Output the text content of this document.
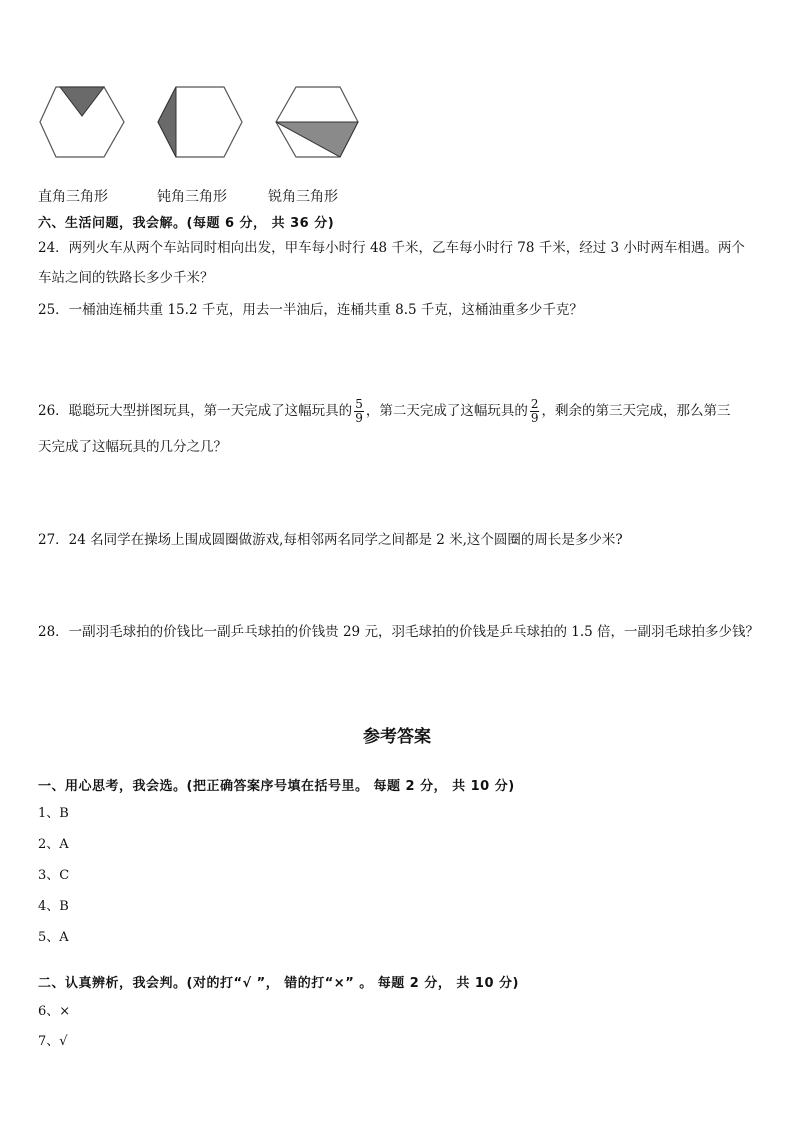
直角三角形	钝角三角形	锐角三角形
六、生活问题，我会解。(每题 6 分， 共 36 分)
24．两列火车从两个车站同时相向出发，甲车每小时行 48 千米，乙车每小时行 78 千米，经过 3 小时两车相遇。两个
车站之间的铁路长多少千米？
25．一桶油连桶共重 15.2 千克，用去一半油后，连桶共重 8.5 千克，这桶油重多少千克？
26．聪聪玩大型拼图玩具，第一天完成了这幅玩具的 $\frac{5}{9}$ ，第二天完成了这幅玩具的 $\frac{2}{9}$ ，剩余的第三天完成，那么第三
天完成了这幅玩具的几分之几？
27．24 名同学在操场上围成圆圈做游戏,每相邻两名同学之间都是 2 米,这个圆圈的周长是多少米?
28．一副羽毛球拍的价钱比一副乒乓球拍的价钱贵 29 元，羽毛球拍的价钱是乒乓球拍的 1.5 倍，一副羽毛球拍多少钱？
参考答案
一、用心思考，我会选。(把正确答案序号填在括号里。 每题 2 分， 共 10 分)
1、B
2、A
3、C
4、B
5、A
二、认真辨析，我会判。(对的打“√ ”， 错的打“×” 。 每题 2 分， 共 10 分)
6、×
7、√
